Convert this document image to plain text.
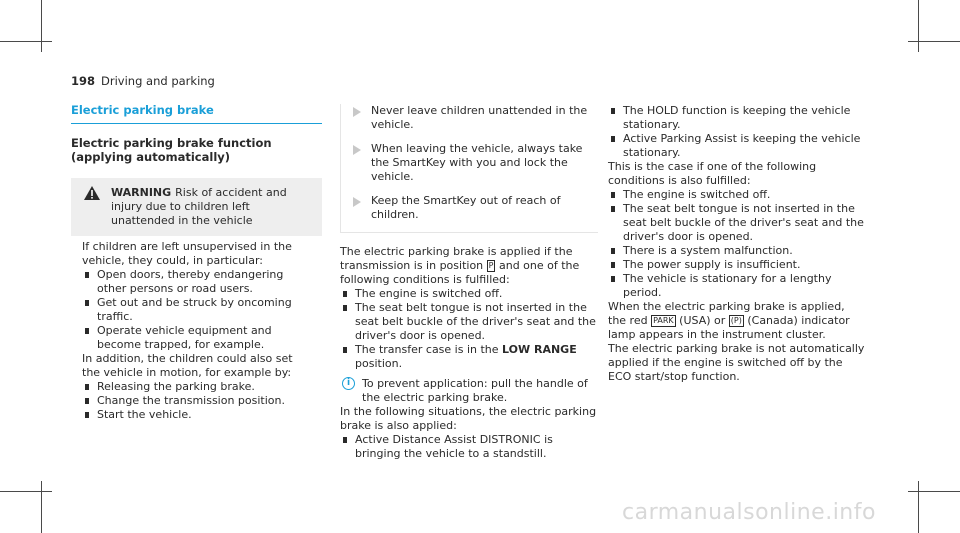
198 Driving and parking
Electric parking brake
Electric parking brake function (applying automatically)
WARNING Risk of accident and injury due to children left unattended in the vehicle

If children are left unsupervised in the vehicle, they could, in particular:

Open doors, thereby endangering other persons or road users.
Get out and be struck by oncoming traffic.
Operate vehicle equipment and become trapped, for example.

In addition, the children could also set the vehicle in motion, for example by:

Releasing the parking brake.
Change the transmission position.
Start the vehicle.
Never leave children unattended in the vehicle.
When leaving the vehicle, always take the SmartKey with you and lock the vehicle.
Keep the SmartKey out of reach of children.

The electric parking brake is applied if the transmission is in position P and one of the following conditions is fulfilled:

The engine is switched off.
The seat belt tongue is not inserted in the seat belt buckle of the driver's seat and the driver's door is opened.
The transfer case is in the LOW RANGE position.
i	To prevent application: pull the handle of the electric parking brake.

In the following situations, the electric parking brake is also applied:

Active Distance Assist DISTRONIC is bringing the vehicle to a standstill.
The HOLD function is keeping the vehicle stationary.
Active Parking Assist is keeping the vehicle stationary.

This is the case if one of the following conditions is also fulfilled:

The engine is switched off.
The seat belt tongue is not inserted in the seat belt buckle of the driver's seat and the driver's door is opened.
There is a system malfunction.
The power supply is insufficient.
The vehicle is stationary for a lengthy period.

When the electric parking brake is applied, the red PARK (USA) or (P) (Canada) indicator lamp appears in the instrument cluster.

The electric parking brake is not automatically applied if the engine is switched off by the ECO start/stop function.

carmanualsonline.info
